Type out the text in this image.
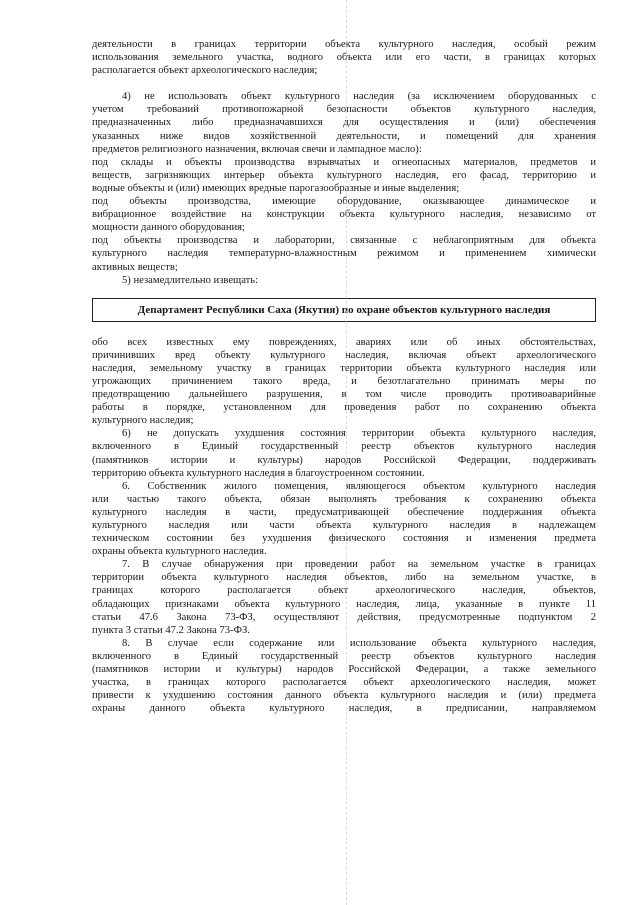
деятельности в границах территории объекта культурного наследия, особый режим

использования земельного участка, водного объекта или его части, в границах которых

располагается объект археологического наследия;

4) не использовать объект культурного наследия (за исключением оборудованных с

учетом требований противопожарной безопасности объектов культурного наследия,

предназначенных либо предназначавшихся для осуществления и (или) обеспечения

указанных ниже видов хозяйственной деятельности, и помещений для хранения

предметов религиозного назначения, включая свечи и лампадное масло):

под склады и объекты производства взрывчатых и огнеопасных материалов, предметов и

веществ, загрязняющих интерьер объекта культурного наследия, его фасад, территорию и

водные объекты и (или) имеющих вредные парогазообразные и иные выделения;

под объекты производства, имеющие оборудование, оказывающее динамическое и

вибрационное воздействие на конструкции объекта культурного наследия, независимо от

мощности данного оборудования;

под объекты производства и лаборатории, связанные с неблагоприятным для объекта

культурного наследия температурно-влажностным режимом и применением химически

активных веществ;

5) незамедлительно извещать:

Департамент Республики Саха (Якутия) по охране объектов культурного наследия

обо всех известных ему повреждениях, авариях или об иных обстоятельствах,

причинивших вред объекту культурного наследия, включая объект археологического

наследия, земельному участку в границах территории объекта культурного наследия или

угрожающих причинением такого вреда, и безотлагательно принимать меры по

предотвращению дальнейшего разрушения, в том числе проводить противоаварийные

работы в порядке, установленном для проведения работ по сохранению объекта

культурного наследия;

6) не допускать ухудшения состояния территории объекта культурного наследия,

включенного в Единый государственный реестр объектов культурного наследия

(памятников истории и культуры) народов Российской Федерации, поддерживать

территорию объекта культурного наследия в благоустроенном состоянии.

6. Собственник жилого помещения, являющегося объектом культурного наследия

или частью такого объекта, обязан выполнять требования к сохранению объекта

культурного наследия в части, предусматривающей обеспечение поддержания объекта

культурного наследия или части объекта культурного наследия в надлежащем

техническом состоянии без ухудшения физического состояния и изменения предмета

охраны объекта культурного наследия.

7. В случае обнаружения при проведении работ на земельном участке в границах

территории объекта культурного наследия объектов, либо на земельном участке, в

границах которого располагается объект археологического наследия, объектов,

обладающих признаками объекта культурного наследия, лица, указанные в пункте 11

статьи 47.6 Закона 73-ФЗ, осуществляют действия, предусмотренные подпунктом 2

пункта 3 статьи 47.2 Закона 73-ФЗ.

8. В случае если содержание или использование объекта культурного наследия,

включенного в Единый государственный реестр объектов культурного наследия

(памятников истории и культуры) народов Российской Федерации, а также земельного

участка, в границах которого располагается объект археологического наследия, может

привести к ухудшению состояния данного объекта культурного наследия и (или) предмета

охраны данного объекта культурного наследия, в предписании, направляемом
